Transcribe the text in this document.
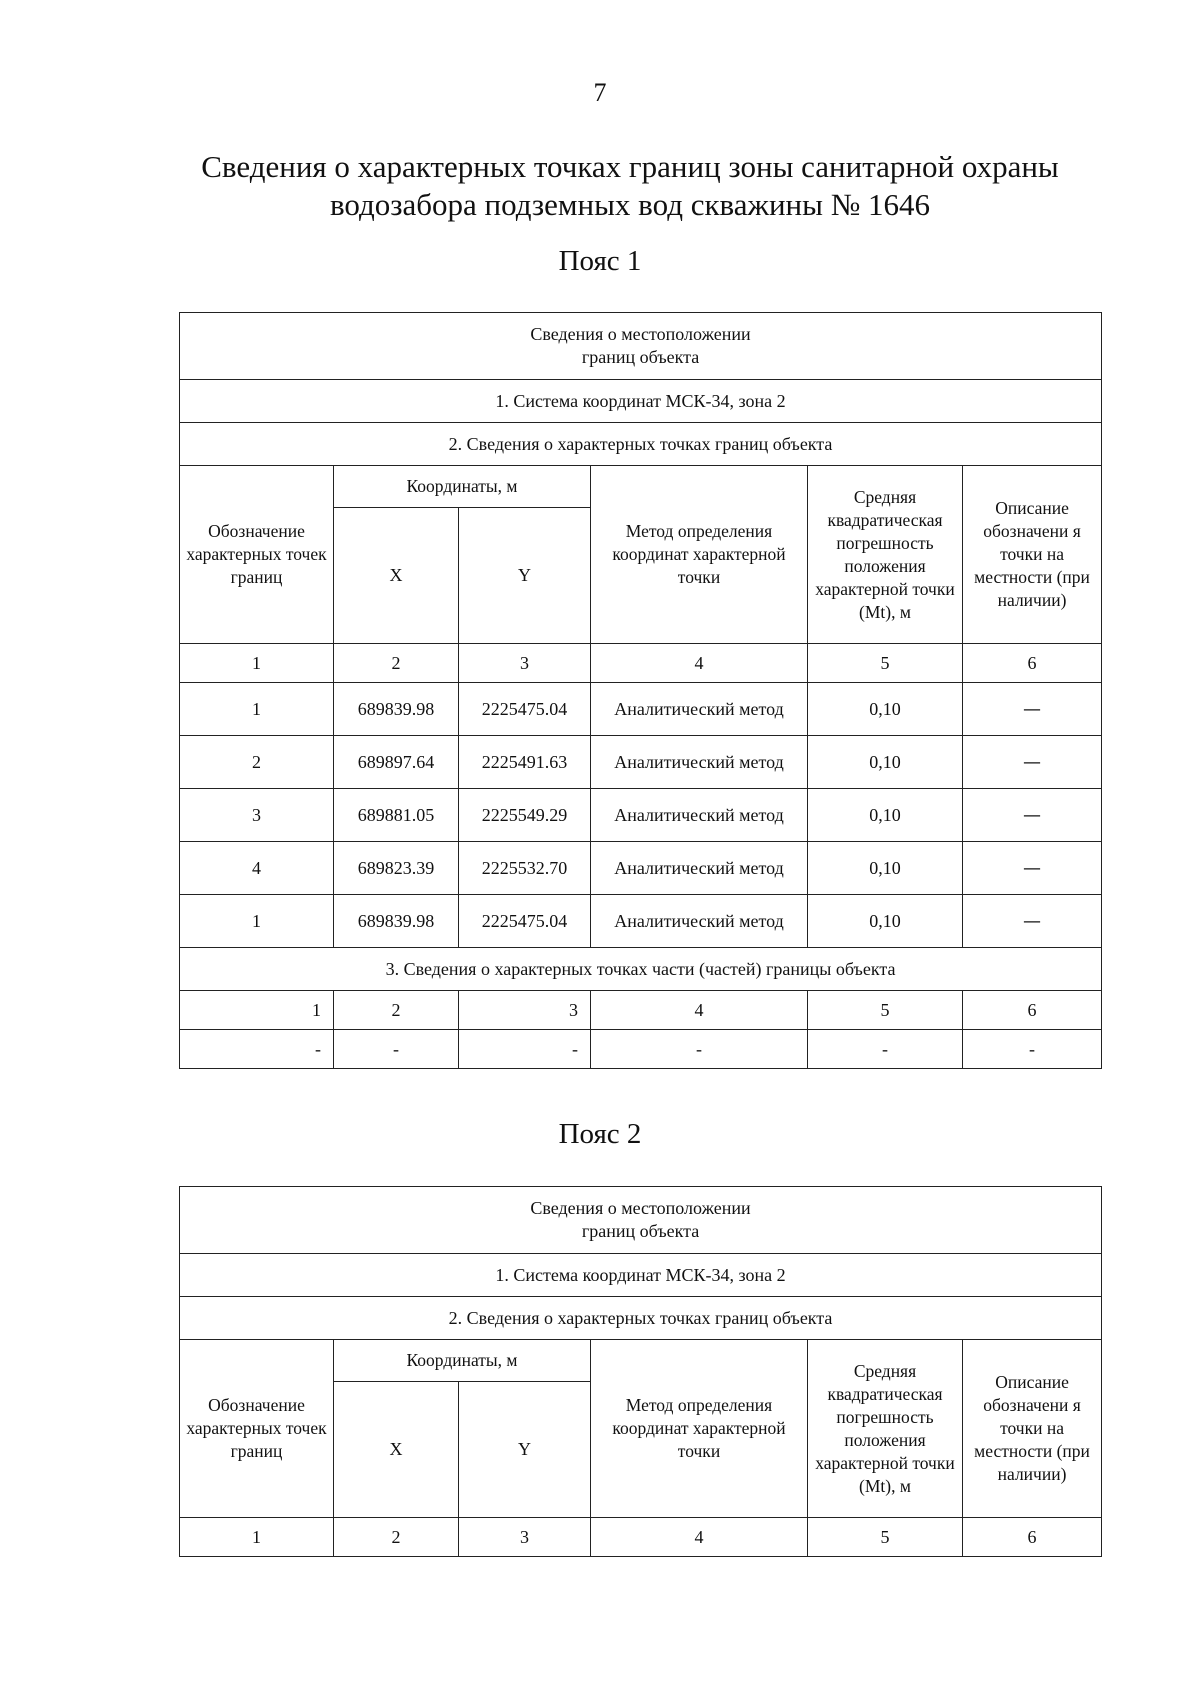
7
Сведения о характерных точках границ зоны санитарной охраны
водозабора подземных вод скважины № 1646
Пояс 1
Сведения о местоположении
границ объекта					

1. Система координат МСК-34, зона 2					
2. Сведения о характерных точках границ объекта					
Обозначение характерных точек границ	Координаты, м		Метод определения координат характерной точки	Средняя квадратическая погрешность положения характерной точки (Mt), м	Описание обозначени я точки на местности (при наличии)
	X	Y			
1	2	3	4	5	6
1	689839.98	2225475.04	Аналитический метод	0,10	—
2	689897.64	2225491.63	Аналитический метод	0,10	—
3	689881.05	2225549.29	Аналитический метод	0,10	—
4	689823.39	2225532.70	Аналитический метод	0,10	—
1	689839.98	2225475.04	Аналитический метод	0,10	—
3. Сведения о характерных точках части (частей) границы объекта					
1	2	3	4	5	6
-	-	-	-	-	-
Пояс 2
Сведения о местоположении
границ объекта					

1. Система координат МСК-34, зона 2					
2. Сведения о характерных точках границ объекта					
Обозначение характерных точек границ	Координаты, м		Метод определения координат характерной точки	Средняя квадратическая погрешность положения характерной точки (Mt), м	Описание обозначени я точки на местности (при наличии)
	X	Y			
1	2	3	4	5	6
